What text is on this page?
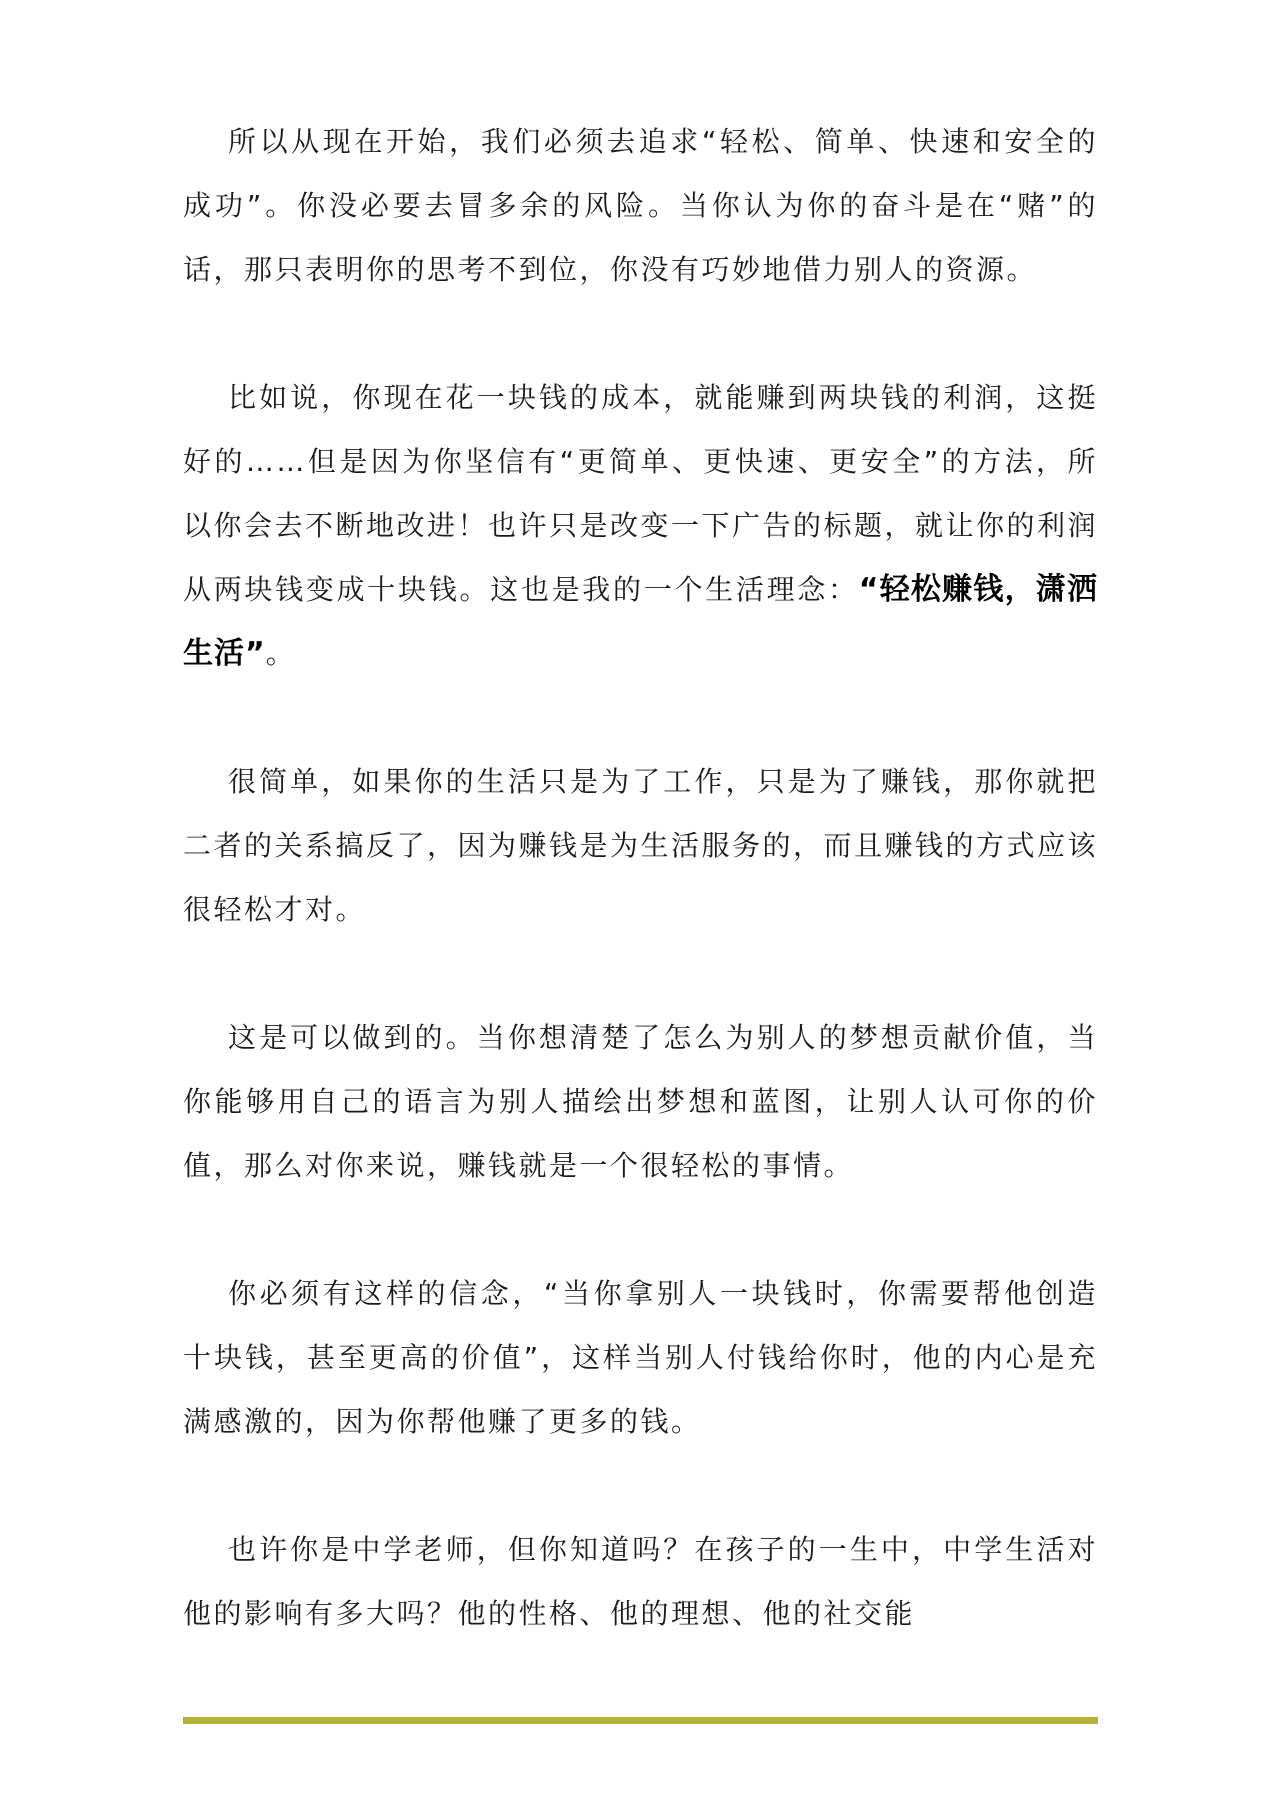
所以从现在开始，我们必须去追求“轻松、简单、快速和安全的成功”。你没必要去冒多余的风险。当你认为你的奋斗是在“赌”的话，那只表明你的思考不到位，你没有巧妙地借力别人的资源。

比如说，你现在花一块钱的成本，就能赚到两块钱的利润，这挺好的……但是因为你坚信有“更简单、更快速、更安全”的方法，所以你会去不断地改进！也许只是改变一下广告的标题，就让你的利润从两块钱变成十块钱。这也是我的一个生活理念：“轻松赚钱，潇洒生活”。

很简单，如果你的生活只是为了工作，只是为了赚钱，那你就把二者的关系搞反了，因为赚钱是为生活服务的，而且赚钱的方式应该很轻松才对。

这是可以做到的。当你想清楚了怎么为别人的梦想贡献价值，当你能够用自己的语言为别人描绘出梦想和蓝图，让别人认可你的价值，那么对你来说，赚钱就是一个很轻松的事情。

你必须有这样的信念，“当你拿别人一块钱时，你需要帮他创造十块钱，甚至更高的价值”，这样当别人付钱给你时，他的内心是充满感激的，因为你帮他赚了更多的钱。

也许你是中学老师，但你知道吗？在孩子的一生中，中学生活对他的影响有多大吗？他的性格、他的理想、他的社交能
